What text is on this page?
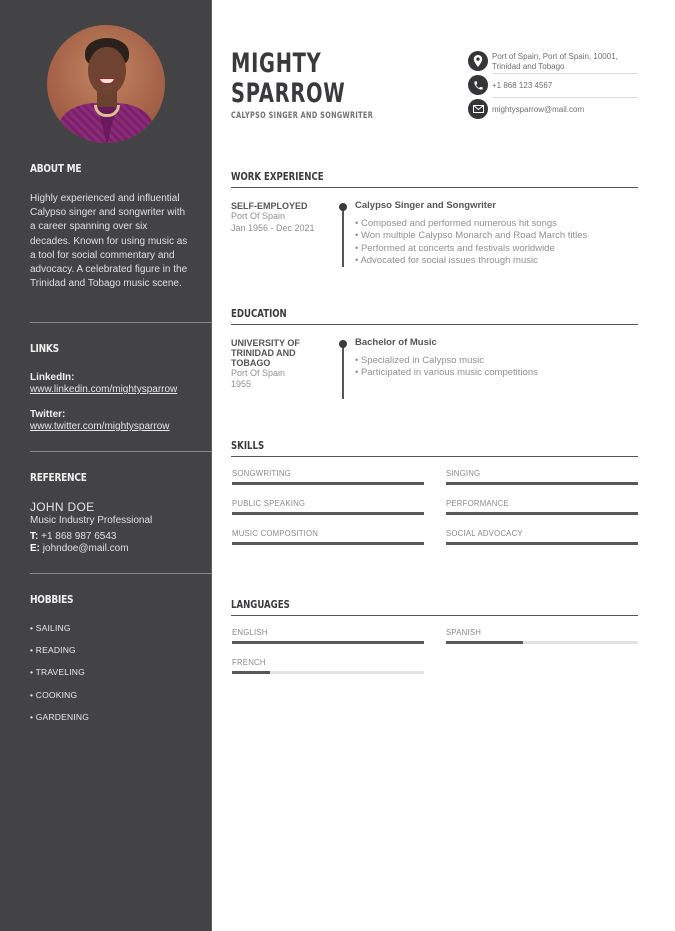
ABOUT ME
Highly experienced and influential Calypso singer and songwriter with a career spanning over six decades. Known for using music as a tool for social commentary and advocacy. A celebrated figure in the Trinidad and Tobago music scene.
LINKS
LinkedIn:
www.linkedin.com/mightysparrow
Twitter:
www.twitter.com/mightysparrow
REFERENCE
JOHN DOE
Music Industry Professional
T: +1 868 987 6543
E: johndoe@mail.com
HOBBIES
• SAILING
• READING
• TRAVELING
• COOKING
• GARDENING
MIGHTY
SPARROW
CALYPSO SINGER AND SONGWRITER
Port of Spain, Port of Spain, 10001, Trinidad and Tobago
+1 868 123 4567
mightysparrow@mail.com
WORK EXPERIENCE
SELF-EMPLOYED
Port Of Spain
Jan 1956 - Dec 2021
Calypso Singer and Songwriter
• Composed and performed numerous hit songs
• Won multiple Calypso Monarch and Road March titles
• Performed at concerts and festivals worldwide
• Advocated for social issues through music
EDUCATION
UNIVERSITY OF TRINIDAD AND TOBAGO
Port Of Spain
1955
Bachelor of Music
• Specialized in Calypso music
• Participated in various music competitions
SKILLS
SONGWRITING	SINGING
PUBLIC SPEAKING	PERFORMANCE
MUSIC COMPOSITION	SOCIAL ADVOCACY
LANGUAGES
ENGLISH	SPANISH
FRENCH
